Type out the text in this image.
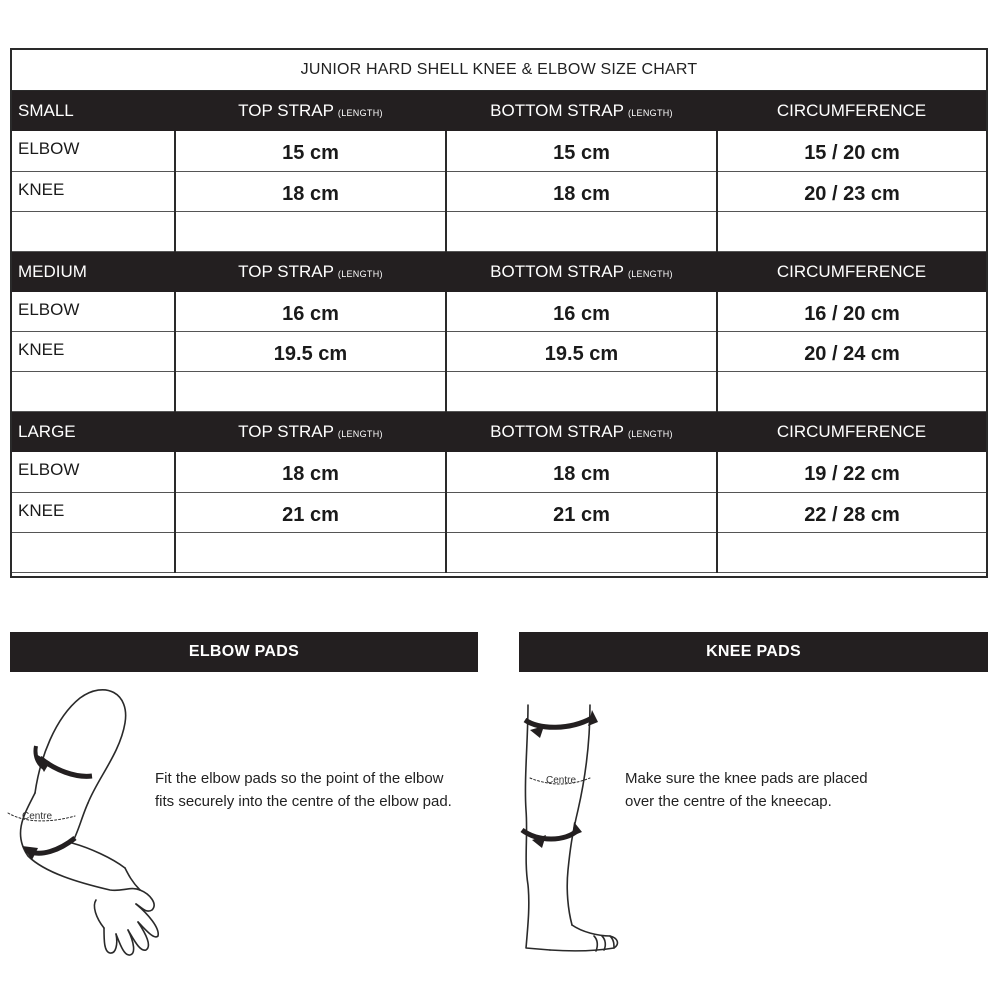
JUNIOR HARD SHELL KNEE & ELBOW SIZE CHART
SMALL	TOP STRAP (LENGTH)	BOTTOM STRAP (LENGTH)	CIRCUMFERENCE
ELBOW	15 cm	15 cm	15 / 20 cm
KNEE	18 cm	18 cm	20 / 23 cm

MEDIUM	TOP STRAP (LENGTH)	BOTTOM STRAP (LENGTH)	CIRCUMFERENCE
ELBOW	16 cm	16 cm	16 / 20 cm
KNEE	19.5 cm	19.5 cm	20 / 24 cm

LARGE	TOP STRAP (LENGTH)	BOTTOM STRAP (LENGTH)	CIRCUMFERENCE
ELBOW	18 cm	18 cm	19 / 22 cm
KNEE	21 cm	21 cm	22 / 28 cm

ELBOW PADS
Centre
Fit the elbow pads so the point of the elbow
fits securely into the centre of the elbow pad.
KNEE PADS
Centre	Make sure the knee pads are placed
over the centre of the kneecap.
